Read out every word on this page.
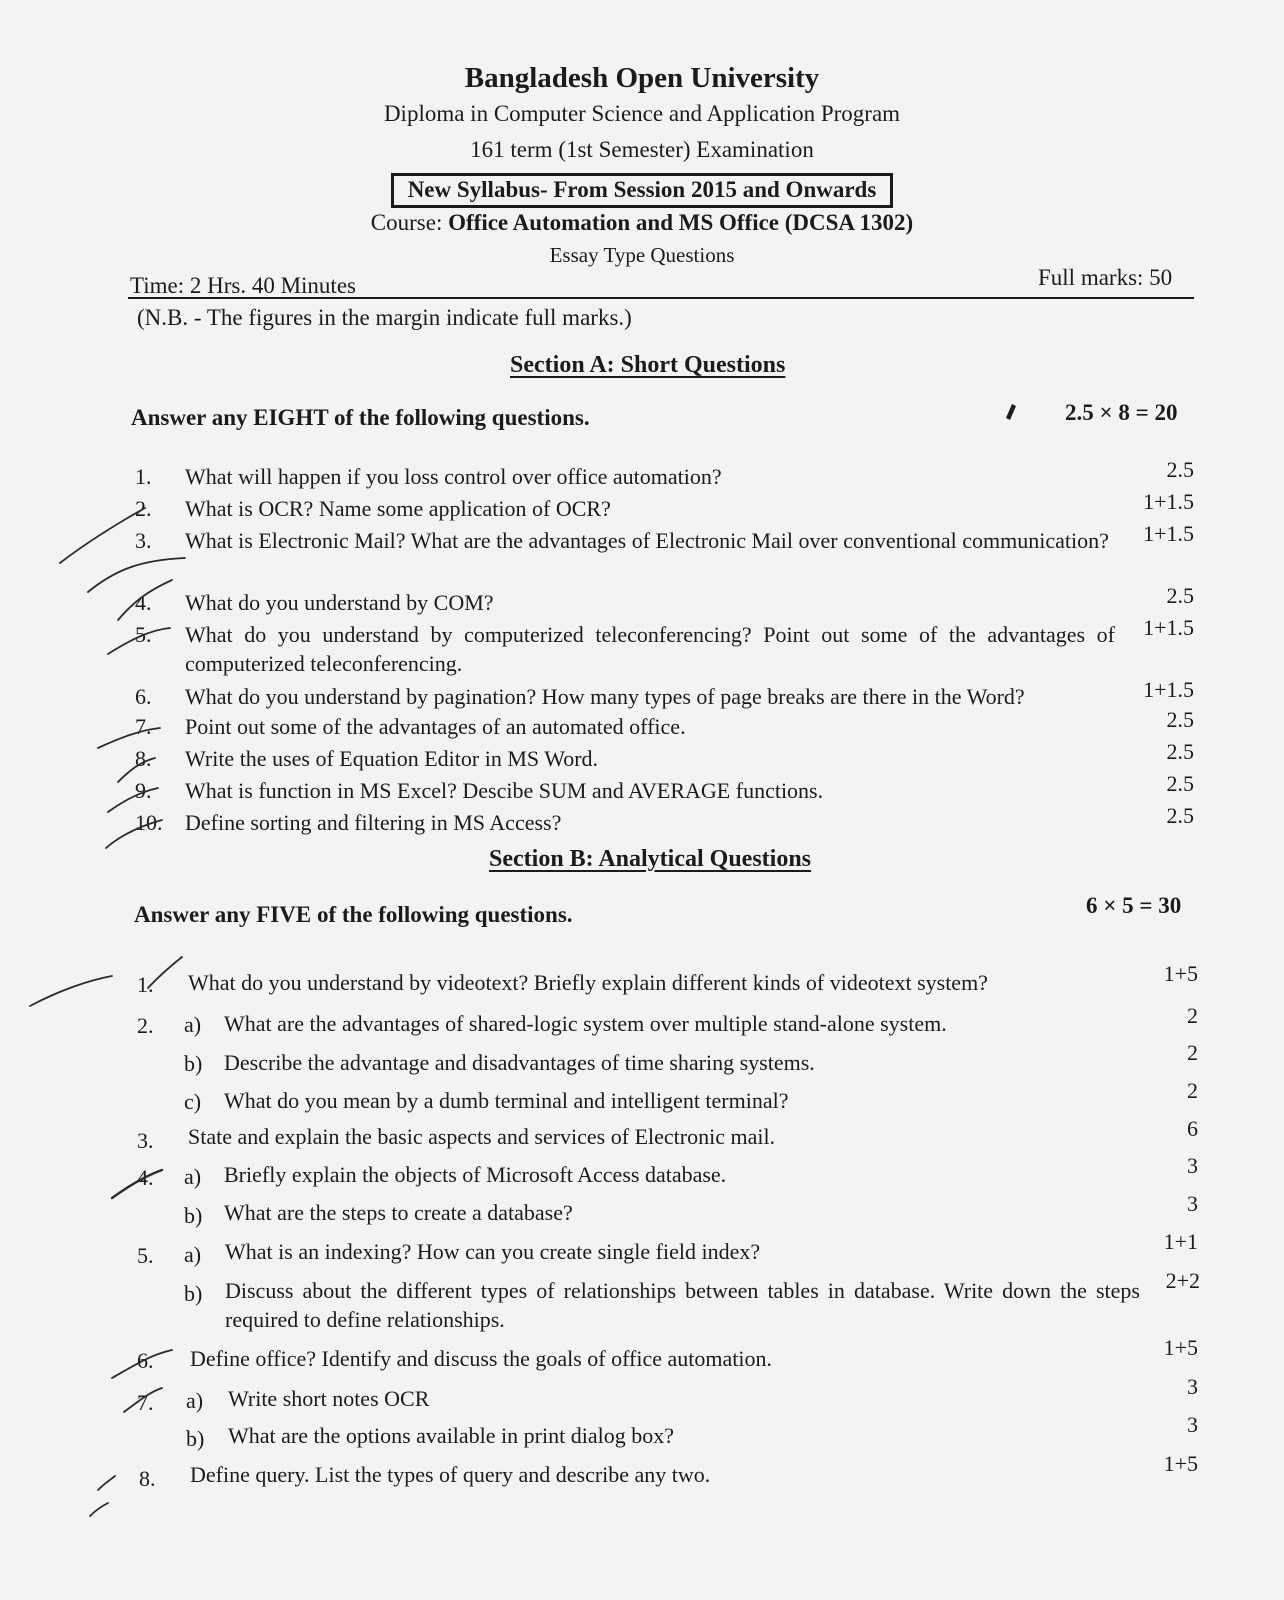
Bangladesh Open University
Diploma in Computer Science and Application Program
161 term (1st Semester) Examination
New Syllabus- From Session 2015 and Onwards
Course: Office Automation and MS Office (DCSA 1302)
Essay Type Questions
Time: 2 Hrs. 40 Minutes	Full marks: 50
(N.B. - The figures in the margin indicate full marks.)
Section A: Short Questions
Answer any EIGHT of the following questions.	2.5 × 8 = 20
1. What will happen if you loss control over office automation?	2.5
2. What is OCR? Name some application of OCR?	1+1.5
3. What is Electronic Mail? What are the advantages of Electronic Mail over conventional communication?	1+1.5
4. What do you understand by COM?	2.5
5. What do you understand by computerized teleconferencing? Point out some of the advantages of computerized teleconferencing.
1+1.5
6. What do you understand by pagination? How many types of page breaks are there in the Word?	1+1.5
7. Point out some of the advantages of an automated office.	2.5
8. Write the uses of Equation Editor in MS Word.	2.5
9. What is function in MS Excel? Descibe SUM and AVERAGE functions.	2.5
10. Define sorting and filtering in MS Access?	2.5
Section B: Analytical Questions
Answer any FIVE of the following questions.	6 × 5 = 30
1. What do you understand by videotext? Briefly explain different kinds of videotext system?	1+5
2. a) What are the advantages of shared-logic system over multiple stand-alone system.	2
b) Describe the advantage and disadvantages of time sharing systems.	2
c) What do you mean by a dumb terminal and intelligent terminal?	2
3. State and explain the basic aspects and services of Electronic mail.	6
4. a) Briefly explain the objects of Microsoft Access database.	3
b) What are the steps to create a database?	3
5. a) What is an indexing? How can you create single field index?	1+1
b) Discuss about the different types of relationships between tables in database. Write down the steps required to define relationships.
2+2
6. Define office? Identify and discuss the goals of office automation.	1+5
7. a) Write short notes OCR	3
b) What are the options available in print dialog box?	3
8. Define query. List the types of query and describe any two.	1+5
